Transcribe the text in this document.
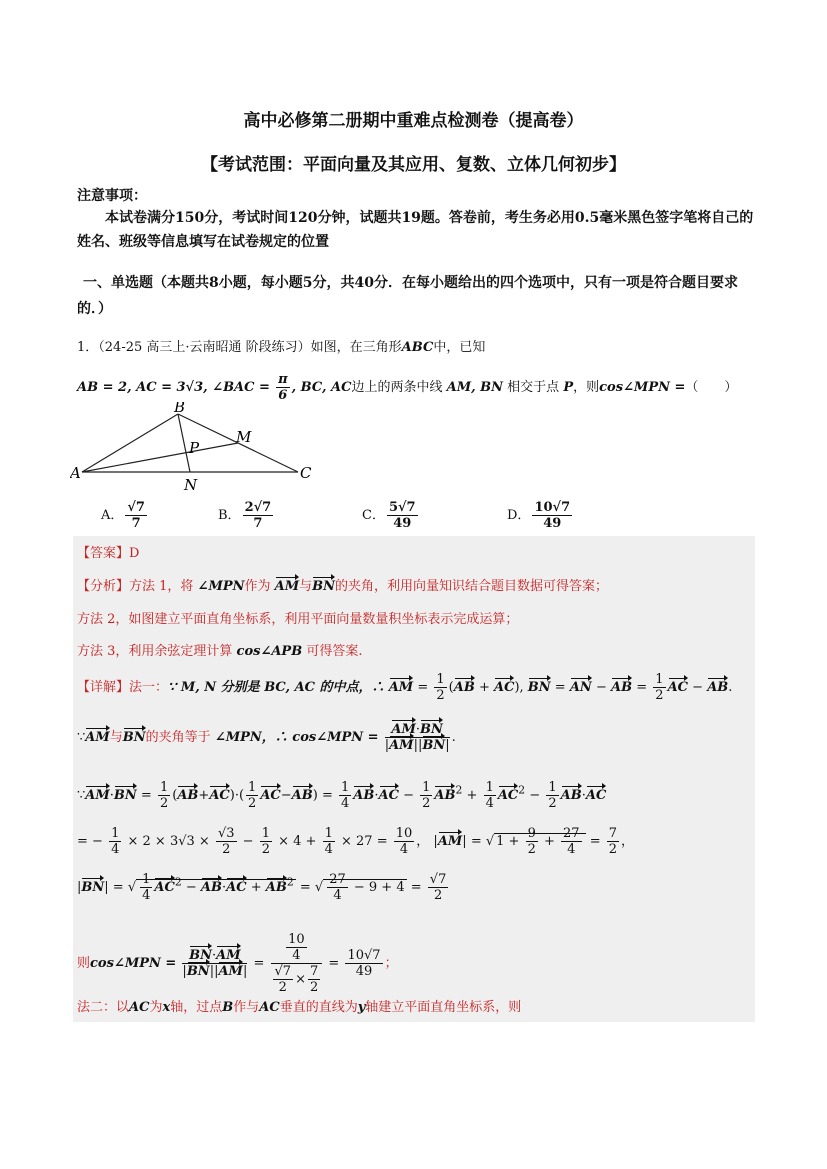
高中必修第二册期中重难点检测卷（提高卷）
【考试范围：平面向量及其应用、复数、立体几何初步】
注意事项：
本试卷满分150分，考试时间120分钟，试题共19题。答卷前，考生务必用0.5毫米黑色签字笔将自己的姓名、班级等信息填写在试卷规定的位置
一、单选题（本题共8小题，每小题5分，共40分．在每小题给出的四个选项中，只有一项是符合题目要求的．）
1．（24-25 高三上·云南昭通 阶段练习）如图，在三角形ABC中，已知
AB = 2, AC = 3√3, ∠BAC = $\frac{\pi}{6}$ , BC, AC边上的两条中线 AM, BN 相交于点 P，则cos∠MPN =（　　）
A
B
C
M
N
P
A． $\frac{√7}{7}$	B． $\frac{2√7}{7}$	C． $\frac{5√7}{49}$	D． $\frac{10√7}{49}$
【答案】D
【分析】方法 1，将 ∠MPN作为 AM与BN的夹角，利用向量知识结合题目数据可得答案；
方法 2，如图建立平面直角坐标系，利用平面向量数量积坐标表示完成运算；
方法 3，利用余弦定理计算 cos∠APB 可得答案.
【详解】法一：∵ M, N 分别是 BC, AC 的中点，∴ AM = $\frac{1}{2} (AB + AC)$, BN = AN − AB = $\frac{1}{2}$ AC − AB.
∵AM与BN的夹角等于 ∠MPN，∴ cos∠MPN = $\frac{AM\cdot BN}{|AM||BN|}$ .
∵AM·BN = $\frac{1}{2} (AB+AC)\cdot( \frac{1}{2} AC-AB) = \frac{1}{4} AB\cdot AC - \frac{1}{2} AB^2 + \frac{1}{4} AC^2 - \frac{1}{2} AB\cdot AC$
= − $\frac{1}{4} \times 2 \times 3√3 \times \frac{√3}{2} - \frac{1}{2} \times 4 + \frac{1}{4} \times 27 = \frac{10}{4}$ ， |AM| = √ $1 + \frac{9}{2} + \frac{27}{4} = \frac{7}{2}$ ，
|BN| = √ $\frac{1}{4} AC^2 - AB\cdot AC + AB^2$ = √ $\frac{27}{4} - 9 + 4 = \frac{√7}{2}$
则cos∠MPN = $\frac{BN\cdot AM}{|BN||AM|} = \frac{\frac{10}{4}}{\frac{√7}{2} \times \frac{7}{2}} = \frac{10√7}{49}$ ；
法二：以AC为x轴，过点B作与AC垂直的直线为y轴建立平面直角坐标系，则
